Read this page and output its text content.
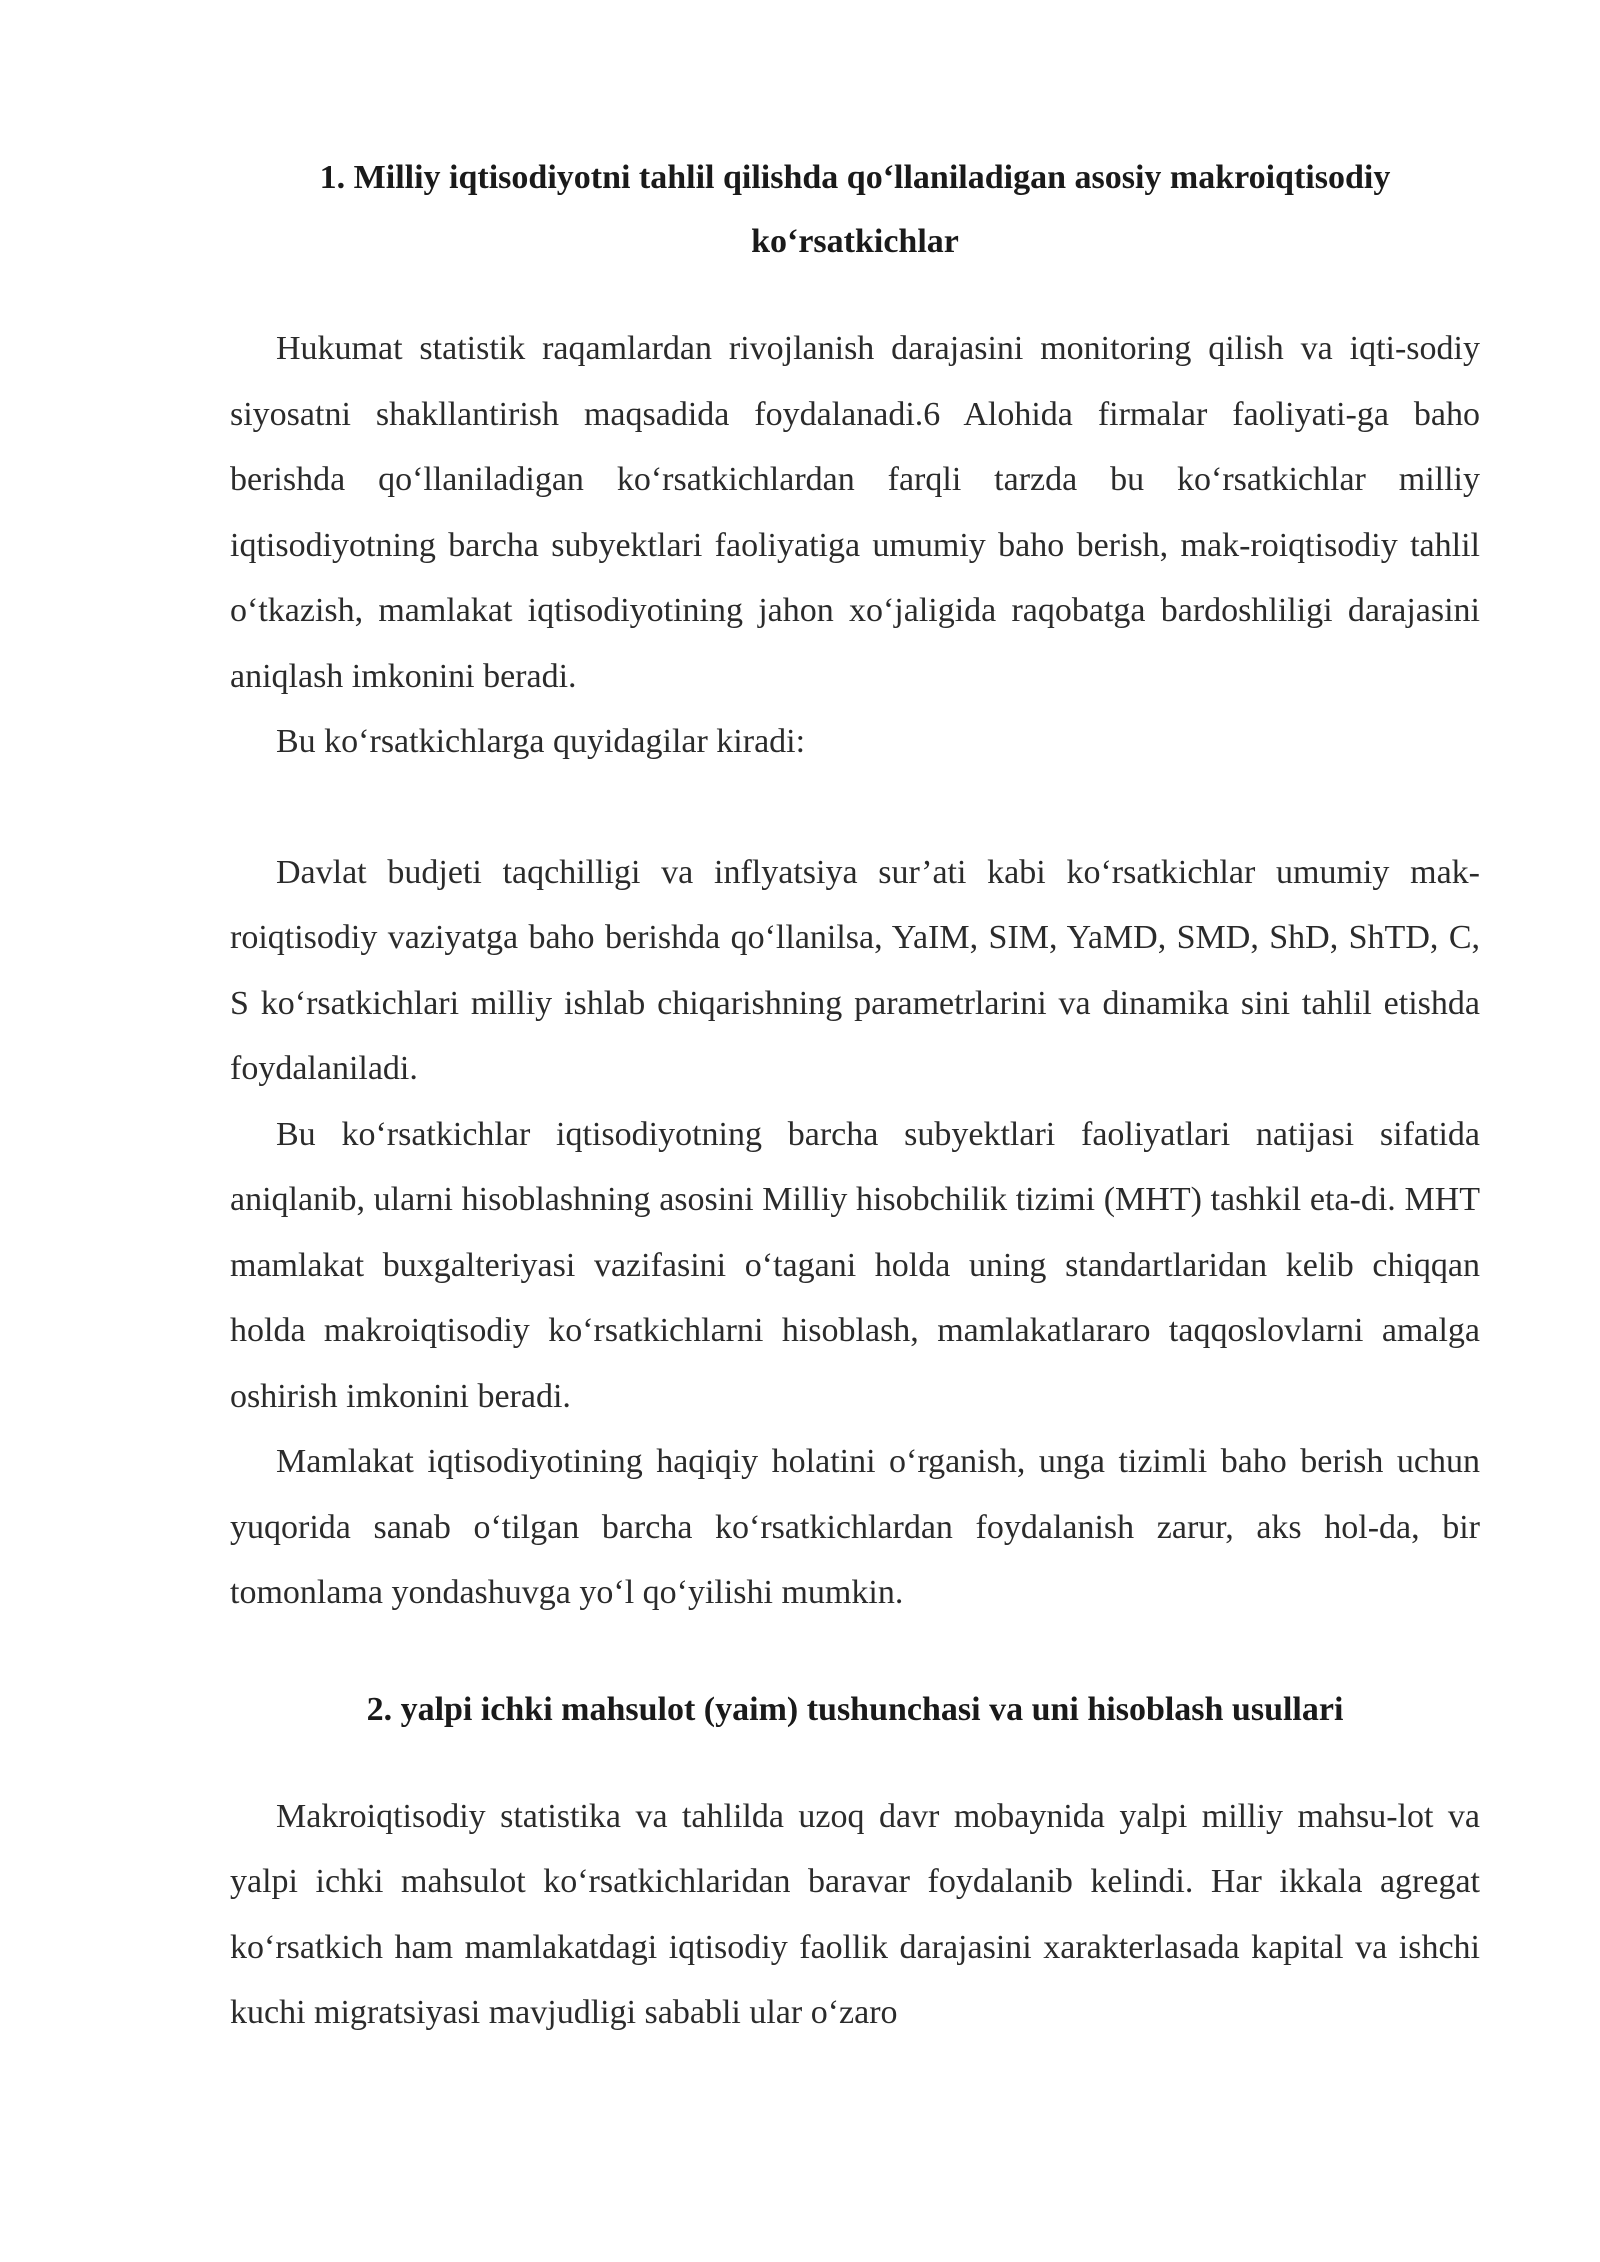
1. Milliy iqtisodiyotni tahlil qilishda qo‘llaniladigan asosiy makroiqtisodiy ko‘rsatkichlar

Hukumat statistik raqamlardan rivojlanish darajasini monitoring qilish va iqti-sodiy siyosatni shakllantirish maqsadida foydalanadi.6 Alohida firmalar faoliyati-ga baho berishda qo‘llaniladigan ko‘rsatkichlardan farqli tarzda bu ko‘rsatkichlar milliy iqtisodiyotning barcha subyektlari faoliyatiga umumiy baho berish, mak-roiqtisodiy tahlil o‘tkazish, mamlakat iqtisodiyotining jahon xo‘jaligida raqobatga bardoshliligi darajasini aniqlash imkonini beradi.

Bu ko‘rsatkichlarga quyidagilar kiradi:

Davlat budjeti taqchilligi va inflyatsiya sur’ati kabi ko‘rsatkichlar umumiy mak-roiqtisodiy vaziyatga baho berishda qo‘llanilsa, YaIM, SIM, YaMD, SMD, ShD, ShTD, C, S ko‘rsatkichlari milliy ishlab chiqarishning parametrlarini va dinamika sini tahlil etishda foydalaniladi.

Bu ko‘rsatkichlar iqtisodiyotning barcha subyektlari faoliyatlari natijasi sifatida aniqlanib, ularni hisoblashning asosini Milliy hisobchilik tizimi (MHT) tashkil eta-di. MHT mamlakat buxgalteriyasi vazifasini o‘tagani holda uning standartlaridan kelib chiqqan holda makroiqtisodiy ko‘rsatkichlarni hisoblash, mamlakatlararo taqqoslovlarni amalga oshirish imkonini beradi.

Mamlakat iqtisodiyotining haqiqiy holatini o‘rganish, unga tizimli baho berish uchun yuqorida sanab o‘tilgan barcha ko‘rsatkichlardan foydalanish zarur, aks hol-da, bir tomonlama yondashuvga yo‘l qo‘yilishi mumkin.

2. yalpi ichki mahsulot (yaim) tushunchasi va uni hisoblash usullari

Makroiqtisodiy statistika va tahlilda uzoq davr mobaynida yalpi milliy mahsu-lot va yalpi ichki mahsulot ko‘rsatkichlaridan baravar foydalanib kelindi. Har ikkala agregat ko‘rsatkich ham mamlakatdagi iqtisodiy faollik darajasini xarakterlasada kapital va ishchi kuchi migratsiyasi mavjudligi sababli ular o‘zaro
